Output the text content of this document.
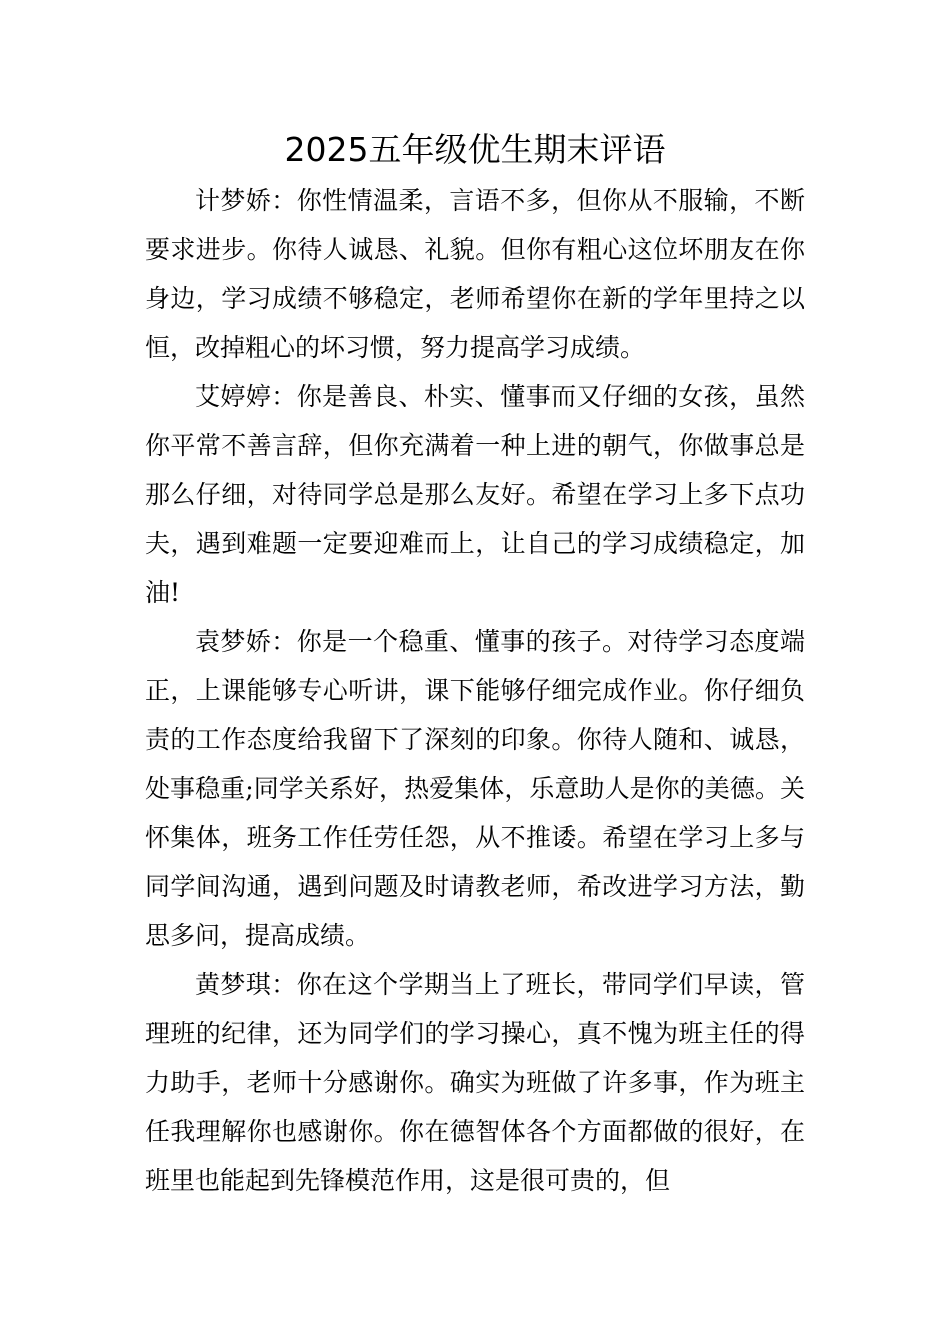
2025五年级优生期末评语

计梦娇：你性情温柔，言语不多，但你从不服输，不断要求进步。你待人诚恳、礼貌。但你有粗心这位坏朋友在你身边，学习成绩不够稳定，老师希望你在新的学年里持之以恒，改掉粗心的坏习惯，努力提高学习成绩。

艾婷婷：你是善良、朴实、懂事而又仔细的女孩，虽然你平常不善言辞，但你充满着一种上进的朝气，你做事总是那么仔细，对待同学总是那么友好。希望在学习上多下点功夫，遇到难题一定要迎难而上，让自己的学习成绩稳定，加油!

袁梦娇：你是一个稳重、懂事的孩子。对待学习态度端正，上课能够专心听讲，课下能够仔细完成作业。你仔细负责的工作态度给我留下了深刻的印象。你待人随和、诚恳，处事稳重;同学关系好，热爱集体，乐意助人是你的美德。关怀集体，班务工作任劳任怨，从不推诿。希望在学习上多与同学间沟通，遇到问题及时请教老师，希改进学习方法，勤思多问，提高成绩。

黄梦琪：你在这个学期当上了班长，带同学们早读，管理班的纪律，还为同学们的学习操心，真不愧为班主任的得力助手，老师十分感谢你。确实为班做了许多事，作为班主任我理解你也感谢你。你在德智体各个方面都做的很好，在班里也能起到先锋模范作用，这是很可贵的，但
